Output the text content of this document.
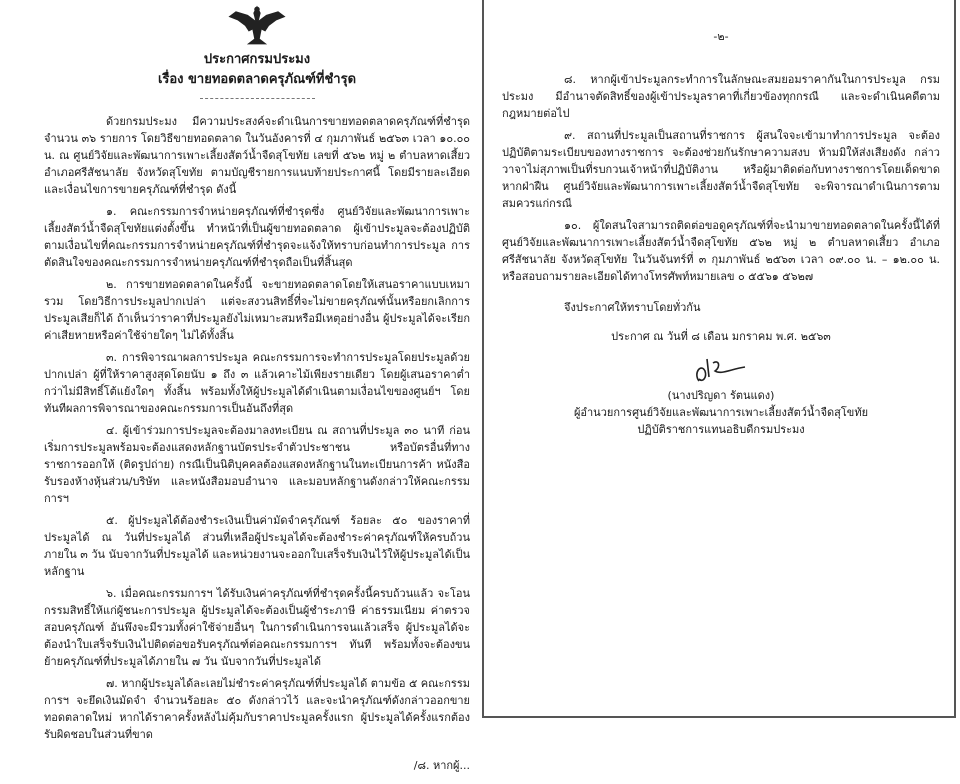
ประกาศกรมประมง
เรื่อง ขายทอดตลาดครุภัณฑ์ที่ชำรุด
ด้วยกรมประมง มีความประสงค์จะดำเนินการขายทอดตลาดครุภัณฑ์ที่ชำรุด จำนวน ๓๖ รายการ โดยวิธีขายทอดตลาด ในวันอังคารที่ ๔ กุมภาพันธ์ ๒๕๖๓ เวลา ๑๐.๐๐ น. ณ ศูนย์วิจัยและพัฒนาการเพาะเลี้ยงสัตว์น้ำจืดสุโขทัย เลขที่ ๕๖๒ หมู่ ๒ ตำบลหาดเสี้ยว อำเภอศรีสัชนาลัย จังหวัดสุโขทัย ตามบัญชีรายการแนบท้ายประกาศนี้ โดยมีรายละเอียดและเงื่อนไขการขายครุภัณฑ์ที่ชำรุด ดังนี้
๑. คณะกรรมการจำหน่ายครุภัณฑ์ที่ชำรุดซึ่ง ศูนย์วิจัยและพัฒนาการเพาะเลี้ยงสัตว์น้ำจืดสุโขทัยแต่งตั้งขึ้น ทำหน้าที่เป็นผู้ขายทอดตลาด ผู้เข้าประมูลจะต้องปฏิบัติตามเงื่อนไขที่คณะกรรมการจำหน่ายครุภัณฑ์ที่ชำรุดจะแจ้งให้ทราบก่อนทำการประมูล การตัดสินใจของคณะกรรมการจำหน่ายครุภัณฑ์ที่ชำรุดถือเป็นที่สิ้นสุด
๒. การขายทอดตลาดในครั้งนี้ จะขายทอดตลาดโดยให้เสนอราคาแบบเหมารวม โดยวิธีการประมูลปากเปล่า แต่จะสงวนสิทธิ์ที่จะไม่ขายครุภัณฑ์นั้นหรือยกเลิกการประมูลเสียก็ได้ ถ้าเห็นว่าราคาที่ประมูลยังไม่เหมาะสมหรือมีเหตุอย่างอื่น ผู้ประมูลได้จะเรียกค่าเสียหายหรือค่าใช้จ่ายใดๆ ไม่ได้ทั้งสิ้น
๓. การพิจารณาผลการประมูล คณะกรรมการจะทำการประมูลโดยประมูลด้วยปากเปล่า ผู้ที่ให้ราคาสูงสุดโดยนับ ๑ ถึง ๓ แล้วเคาะไม้เพียงรายเดียว โดยผู้เสนอราคาต่ำกว่าไม่มีสิทธิ์โต้แย้งใดๆ ทั้งสิ้น พร้อมทั้งให้ผู้ประมูลได้ดำเนินตามเงื่อนไขของศูนย์ฯ โดยทันทีผลการพิจารณาของคณะกรรมการเป็นอันถึงที่สุด
๔. ผู้เข้าร่วมการประมูลจะต้องมาลงทะเบียน ณ สถานที่ประมูล ๓๐ นาที ก่อนเริ่มการประมูลพร้อมจะต้องแสดงหลักฐานบัตรประจำตัวประชาชน หรือบัตรอื่นที่ทางราชการออกให้ (ติดรูปถ่าย) กรณีเป็นนิติบุคคลต้องแสดงหลักฐานในทะเบียนการค้า หนังสือรับรองห้างหุ้นส่วน/บริษัท และหนังสือมอบอำนาจ และมอบหลักฐานดังกล่าวให้คณะกรรมการฯ
๕. ผู้ประมูลได้ต้องชำระเงินเป็นค่ามัดจำครุภัณฑ์ ร้อยละ ๕๐ ของราคาที่ประมูลได้ ณ วันที่ประมูลได้ ส่วนที่เหลือผู้ประมูลได้จะต้องชำระค่าครุภัณฑ์ให้ครบถ้วน ภายใน ๓ วัน นับจากวันที่ประมูลได้ และหน่วยงานจะออกใบเสร็จรับเงินไว้ให้ผู้ประมูลได้เป็นหลักฐาน
๖. เมื่อคณะกรรมการฯ ได้รับเงินค่าครุภัณฑ์ที่ชำรุดครั้งนี้ครบถ้วนแล้ว จะโอนกรรมสิทธิ์ให้แก่ผู้ชนะการประมูล ผู้ประมูลได้จะต้องเป็นผู้ชำระภาษี ค่าธรรมเนียม ค่าตรวจสอบครุภัณฑ์ อันพึงจะมีรวมทั้งค่าใช้จ่ายอื่นๆ ในการดำเนินการจนแล้วเสร็จ ผู้ประมูลได้จะต้องนำใบเสร็จรับเงินไปติดต่อขอรับครุภัณฑ์ต่อคณะกรรมการฯ ทันที พร้อมทั้งจะต้องขนย้ายครุภัณฑ์ที่ประมูลได้ภายใน ๗ วัน นับจากวันที่ประมูลได้
๗. หากผู้ประมูลได้ละเลยไม่ชำระค่าครุภัณฑ์ที่ประมูลได้ ตามข้อ ๕ คณะกรรมการฯ จะยึดเงินมัดจำ จำนวนร้อยละ ๕๐ ดังกล่าวไว้ และจะนำครุภัณฑ์ดังกล่าวออกขายทอดตลาดใหม่ หากได้ราคาครั้งหลังไม่คุ้มกับราคาประมูลครั้งแรก ผู้ประมูลได้ครั้งแรกต้องรับผิดชอบในส่วนที่ขาด
/๘. หากผู้...
-๒-
๘. หากผู้เข้าประมูลกระทำการในลักษณะสมยอมราคากันในการประมูล กรมประมง มีอำนาจตัดสิทธิ์ของผู้เข้าประมูลราคาที่เกี่ยวข้องทุกกรณี และจะดำเนินคดีตามกฎหมายต่อไป
๙. สถานที่ประมูลเป็นสถานที่ราชการ ผู้สนใจจะเข้ามาทำการประมูล จะต้องปฏิบัติตามระเบียบของทางราชการ จะต้องช่วยกันรักษาความสงบ ห้ามมิให้ส่งเสียงดัง กล่าววาจาไม่สุภาพเป็นที่รบกวนเจ้าหน้าที่ปฏิบัติงาน หรือผู้มาติดต่อกับทางราชการโดยเด็ดขาด หากฝ่าฝืน ศูนย์วิจัยและพัฒนาการเพาะเลี้ยงสัตว์น้ำจืดสุโขทัย จะพิจารณาดำเนินการตามสมควรแก่กรณี
๑๐. ผู้ใดสนใจสามารถติดต่อขอดูครุภัณฑ์ที่จะนำมาขายทอดตลาดในครั้งนี้ได้ที่ศูนย์วิจัยและพัฒนาการเพาะเลี้ยงสัตว์น้ำจืดสุโขทัย ๕๖๒ หมู่ ๒ ตำบลหาดเสี้ยว อำเภอศรีสัชนาลัย จังหวัดสุโขทัย ในวันจันทร์ที่ ๓ กุมภาพันธ์ ๒๕๖๓ เวลา ๐๙.๐๐ น. – ๑๒.๐๐ น. หรือสอบถามรายละเอียดได้ทางโทรศัพท์หมายเลข ๐ ๕๕๖๑ ๕๖๒๗
จึงประกาศให้ทราบโดยทั่วกัน
ประกาศ ณ วันที่ ๘ เดือน มกราคม พ.ศ. ๒๕๖๓
(นางปริญดา รัตนแดง)
ผู้อำนวยการศูนย์วิจัยและพัฒนาการเพาะเลี้ยงสัตว์น้ำจืดสุโขทัย
ปฏิบัติราชการแทนอธิบดีกรมประมง
